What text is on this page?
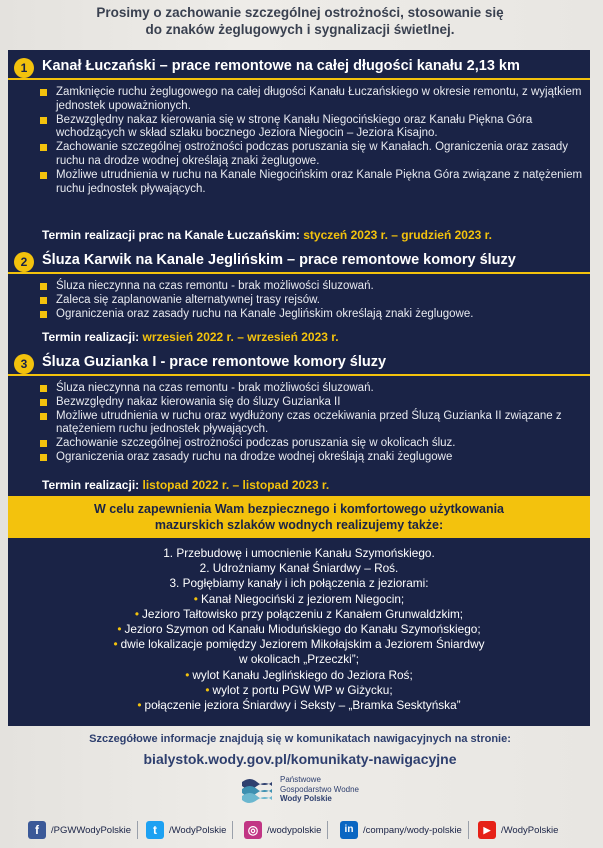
Prosimy o zachowanie szczególnej ostrożności, stosowanie się
do znaków żeglugowych i sygnalizacji świetlnej.
1	Kanał Łuczański – prace remontowe na całej długości kanału 2,13 km
Zamknięcie ruchu żeglugowego na całej długości Kanału Łuczańskiego w okresie remontu, z wyjątkiem jednostek upoważnionych.
Bezwzględny nakaz kierowania się w stronę Kanału Niegocińskiego oraz Kanału Piękna Góra wchodzących w skład szlaku bocznego Jeziora Niegocin – Jeziora Kisajno.
Zachowanie szczególnej ostrożności podczas poruszania się w Kanałach. Ograniczenia oraz zasady ruchu na drodze wodnej określają znaki żeglugowe.
Możliwe utrudnienia w ruchu na Kanale Niegocińskim oraz Kanale Piękna Góra związane z natężeniem ruchu jednostek pływających.
Termin realizacji prac na Kanale Łuczańskim: styczeń 2023 r. – grudzień 2023 r.
2	Śluza Karwik na Kanale Jeglińskim – prace remontowe komory śluzy
Śluza nieczynna na czas remontu - brak możliwości śluzowań.
Zaleca się zaplanowanie alternatywnej trasy rejsów.
Ograniczenia oraz zasady ruchu na Kanale Jeglińskim określają znaki żeglugowe.
Termin realizacji: wrzesień 2022 r. – wrzesień 2023 r.
3	Śluza Guzianka I - prace remontowe komory śluzy
Śluza nieczynna na czas remontu - brak możliwości śluzowań.
Bezwzględny nakaz kierowania się do śluzy Guzianka II
Możliwe utrudnienia w ruchu oraz wydłużony czas oczekiwania przed Śluzą Guzianka II związane z natężeniem ruchu jednostek pływających.
Zachowanie szczególnej ostrożności podczas poruszania się w okolicach śluz.
Ograniczenia oraz zasady ruchu na drodze wodnej określają znaki żeglugowe
Termin realizacji: listopad 2022 r. – listopad 2023 r.
W celu zapewnienia Wam bezpiecznego i komfortowego użytkowania
mazurskich szlaków wodnych realizujemy także:
1. Przebudowę i umocnienie Kanału Szymońskiego.
2. Udrożniamy Kanał Śniardwy – Roś.
3. Pogłębiamy kanały i ich połączenia z jeziorami:
• Kanał Niegociński z jeziorem Niegocin;
• Jezioro Tałtowisko przy połączeniu z Kanałem Grunwaldzkim;
• Jezioro Szymon od Kanału Mioduńskiego do Kanału Szymońskiego;
• dwie lokalizacje pomiędzy Jeziorem Mikołajskim a Jeziorem Śniardwy
w okolicach „Przeczki”;
• wylot Kanału Jeglińskiego do Jeziora Roś;
• wylot z portu PGW WP w Giżycku;
• połączenie jeziora Śniardwy i Seksty – „Bramka Sesktyńska”
Szczegółowe informacje znajdują się w komunikatach nawigacyjnych na stronie:
bialystok.wody.gov.pl/komunikaty-nawigacyjne
Państwowe
Gospodarstwo Wodne
Wody Polskie
f	/PGWWodyPolskie	t	/WodyPolskie	◎ /wodypolskie	in	/company/wody-polskie	▶	/WodyPolskie
